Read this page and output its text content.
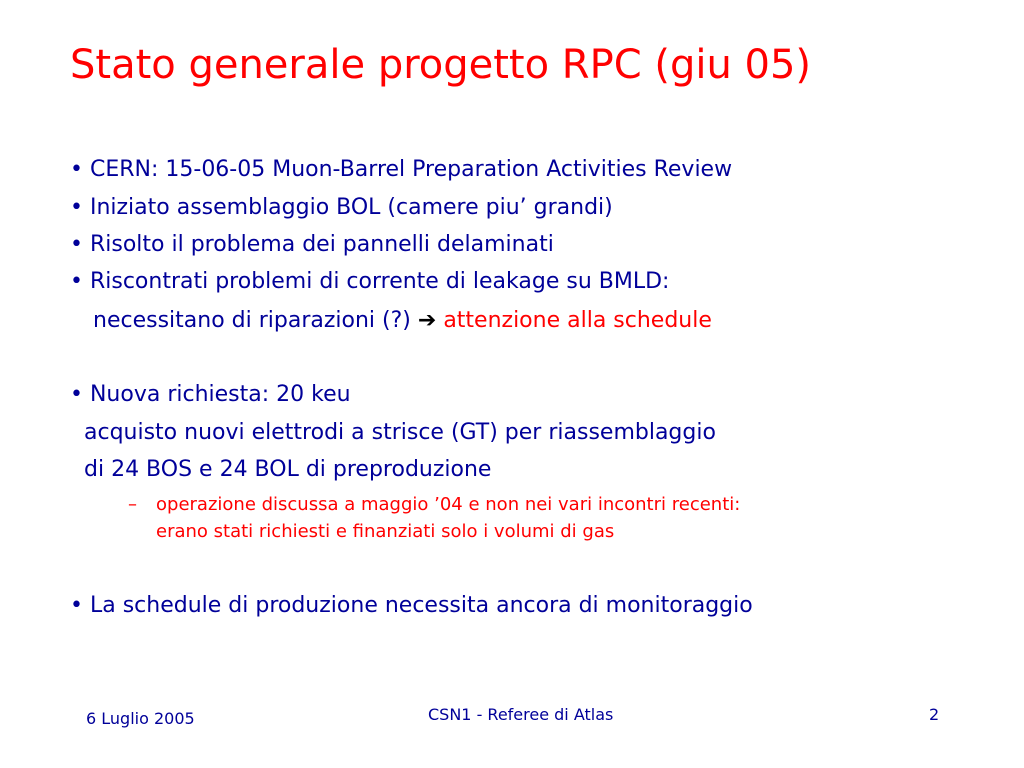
Stato generale progetto RPC (giu 05)
• CERN: 15-06-05 Muon-Barrel Preparation Activities Review
• Iniziato assemblaggio BOL (camere piu’ grandi)
• Risolto il problema dei pannelli delaminati
• Riscontrati problemi di corrente di leakage su BMLD:
necessitano di riparazioni (?) ➔ attenzione alla schedule
• Nuova richiesta: 20 keu
acquisto nuovi elettrodi a strisce (GT) per riassemblaggio
di 24 BOS e 24 BOL di preproduzione
– operazione discussa a maggio ’04 e non nei vari incontri recenti:
erano stati richiesti e finanziati solo i volumi di gas
• La schedule di produzione necessita ancora di monitoraggio
6 Luglio 2005	CSN1 - Referee di Atlas	2
